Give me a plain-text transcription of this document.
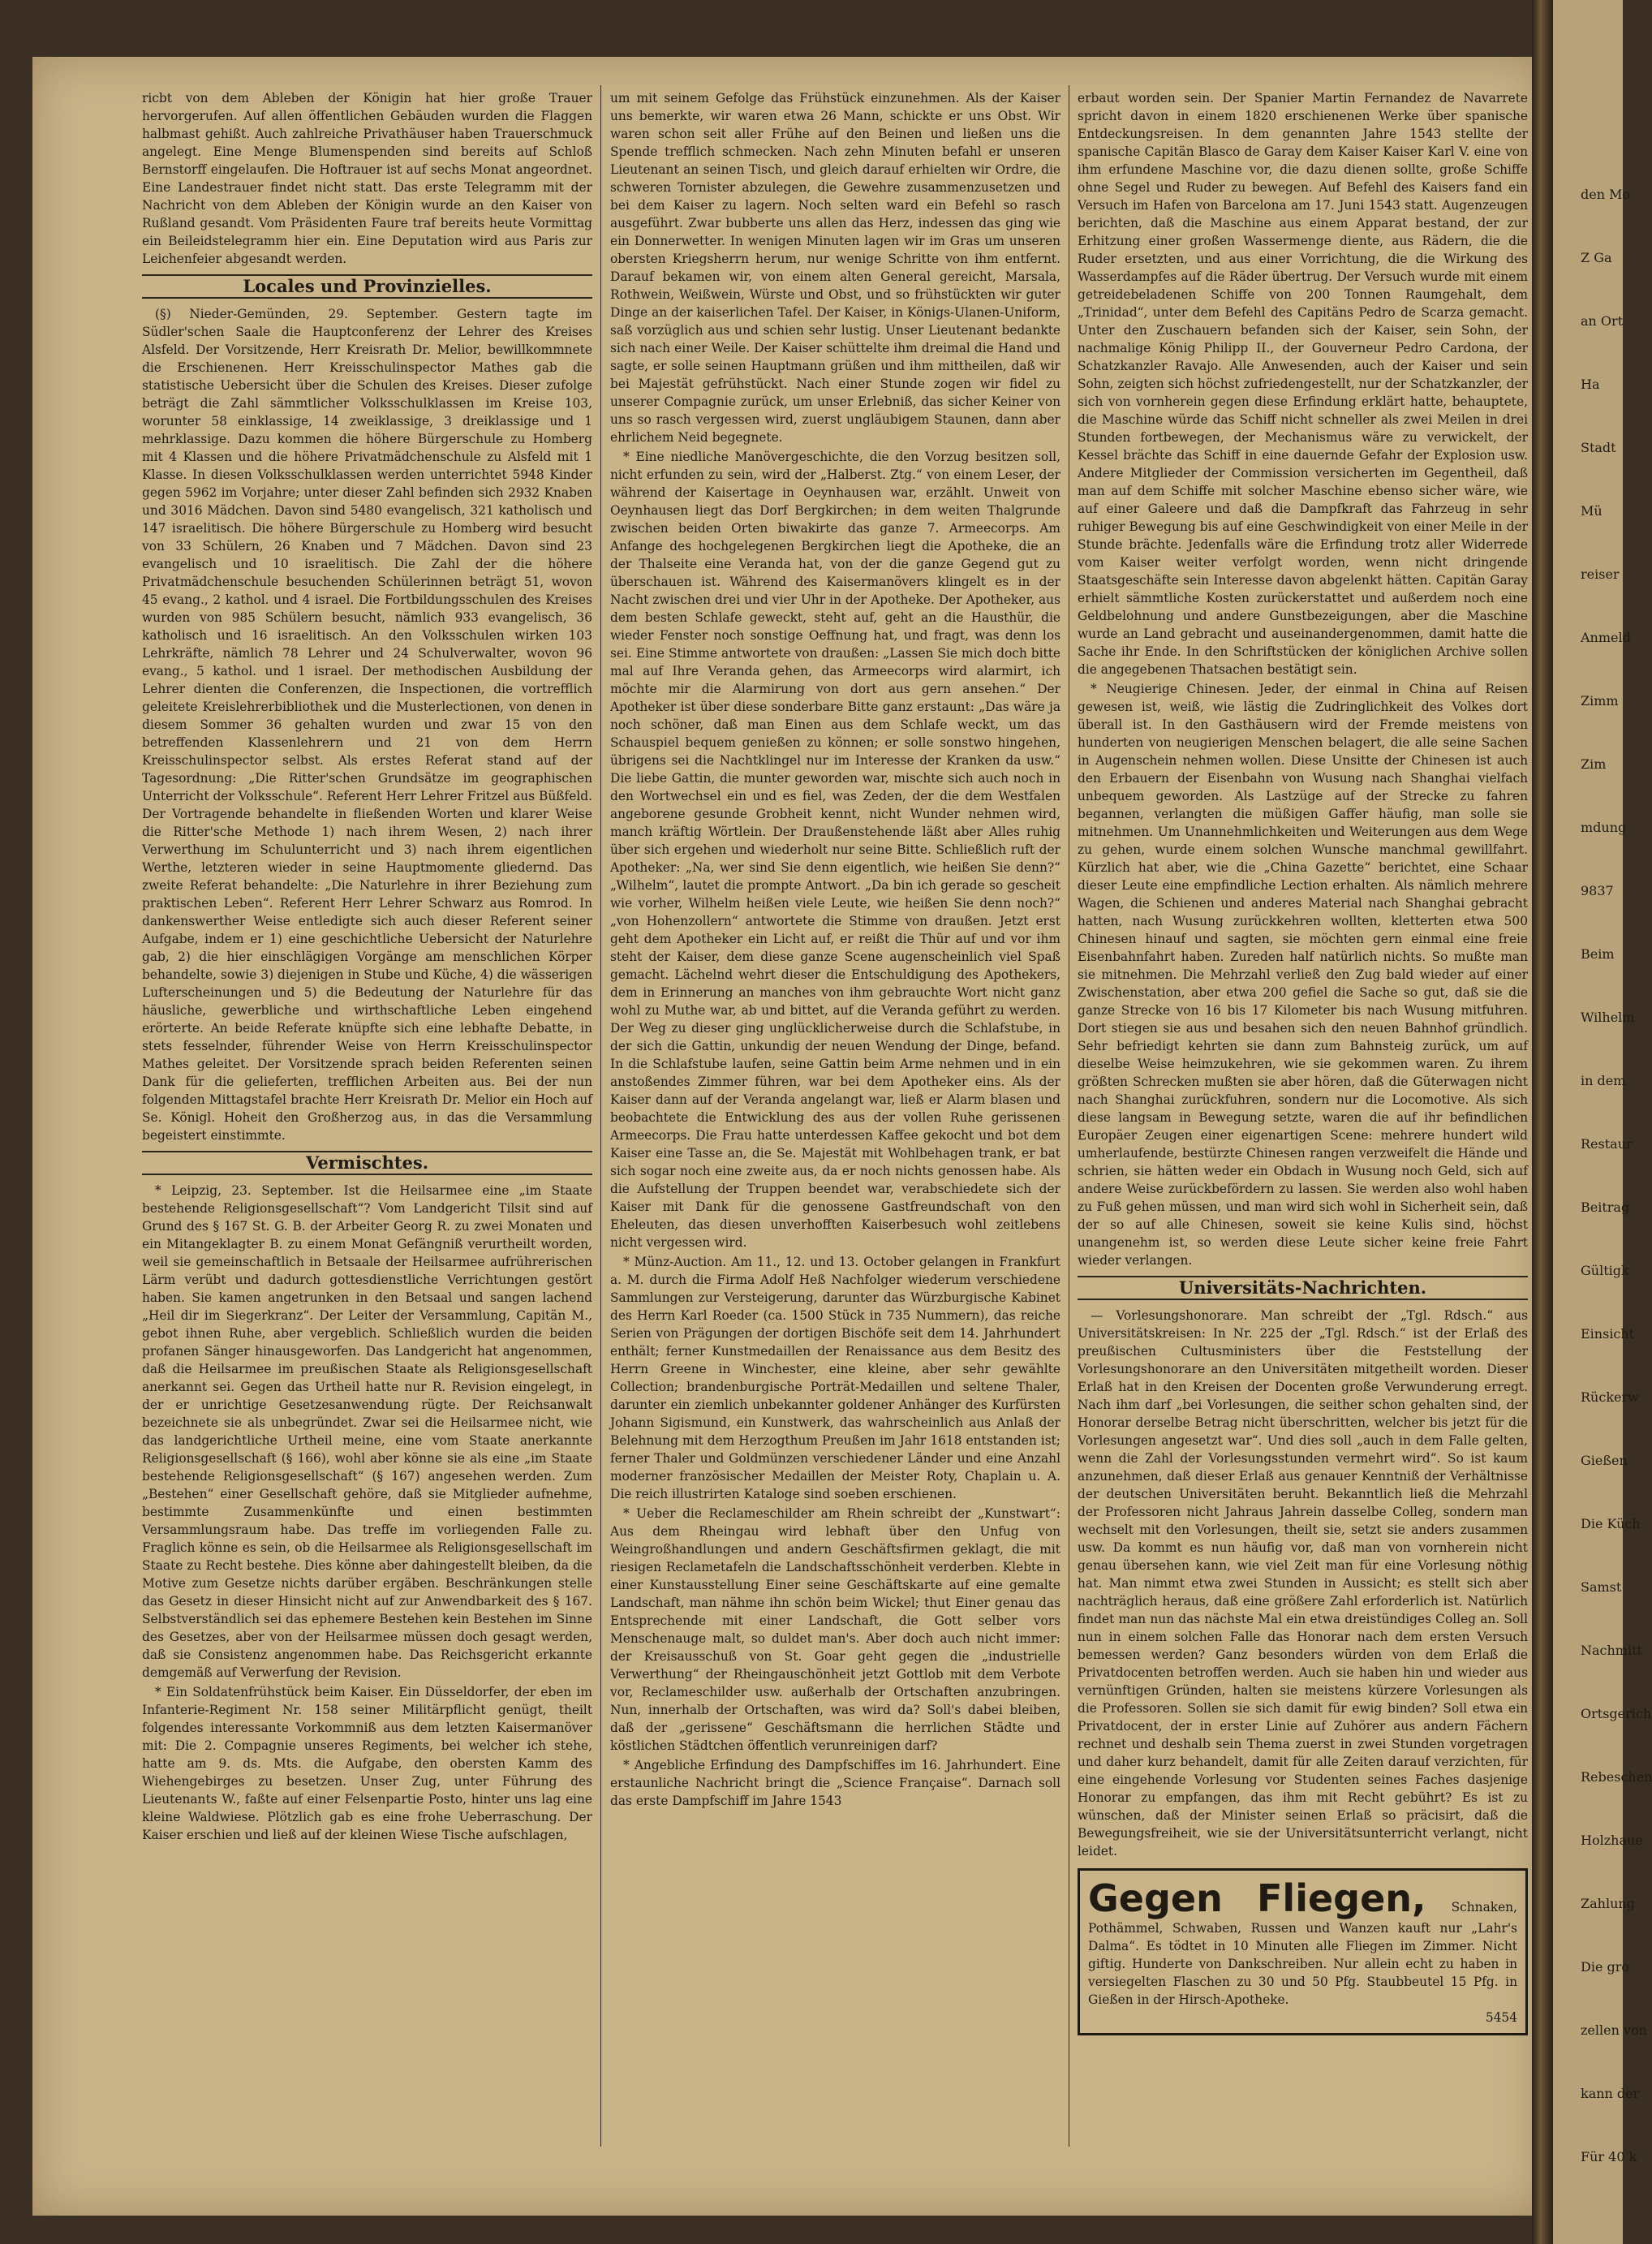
den Mo
Z Ga
an Ort
Ha
Stadt
Mü
reiser
Anmeld
Zimm
Zim
mdung
9837
Beim
Wilhelm
in dem
Restaur
Beitrag
Gültigk
Einsicht
Rückerw
Gießen
Die Küch
Samst
Nachmitt
Ortsgerich
Rebeschen
Holzhaue
Zahlung
Die gro
zellen von
kann der
Für 40 k

ricbt von dem Ableben der Königin hat hier große Trauer hervorgerufen. Auf allen öffentlichen Gebäuden wurden die Flaggen halbmast gehißt. Auch zahlreiche Privathäuser haben Trauerschmuck angelegt. Eine Menge Blumenspenden sind bereits auf Schloß Bernstorff eingelaufen. Die Hoftrauer ist auf sechs Monat angeordnet. Eine Landestrauer findet nicht statt. Das erste Telegramm mit der Nachricht von dem Ableben der Königin wurde an den Kaiser von Rußland gesandt. Vom Präsidenten Faure traf bereits heute Vormittag ein Beileidstelegramm hier ein. Eine Deputation wird aus Paris zur Leichenfeier abgesandt werden.

Locales und Provinzielles.

(§) Nieder-Gemünden, 29. September. Gestern tagte im Südler'schen Saale die Hauptconferenz der Lehrer des Kreises Alsfeld. Der Vorsitzende, Herr Kreisrath Dr. Melior, bewillkommnete die Erschienenen. Herr Kreisschulinspector Mathes gab die statistische Uebersicht über die Schulen des Kreises. Dieser zufolge beträgt die Zahl sämmtlicher Volksschulklassen im Kreise 103, worunter 58 einklassige, 14 zweiklassige, 3 dreiklassige und 1 mehrklassige. Dazu kommen die höhere Bürgerschule zu Homberg mit 4 Klassen und die höhere Privatmädchenschule zu Alsfeld mit 1 Klasse. In diesen Volksschulklassen werden unterrichtet 5948 Kinder gegen 5962 im Vorjahre; unter dieser Zahl befinden sich 2932 Knaben und 3016 Mädchen. Davon sind 5480 evangelisch, 321 katholisch und 147 israelitisch. Die höhere Bürgerschule zu Homberg wird besucht von 33 Schülern, 26 Knaben und 7 Mädchen. Davon sind 23 evangelisch und 10 israelitisch. Die Zahl der die höhere Privatmädchenschule besuchenden Schülerinnen beträgt 51, wovon 45 evang., 2 kathol. und 4 israel. Die Fortbildungsschulen des Kreises wurden von 985 Schülern besucht, nämlich 933 evangelisch, 36 katholisch und 16 israelitisch. An den Volksschulen wirken 103 Lehrkräfte, nämlich 78 Lehrer und 24 Schulverwalter, wovon 96 evang., 5 kathol. und 1 israel. Der methodischen Ausbildung der Lehrer dienten die Conferenzen, die Inspectionen, die vortrefflich geleitete Kreislehrerbibliothek und die Musterlectionen, von denen in diesem Sommer 36 gehalten wurden und zwar 15 von den betreffenden Klassenlehrern und 21 von dem Herrn Kreisschulinspector selbst. Als erstes Referat stand auf der Tagesordnung: „Die Ritter'schen Grundsätze im geographischen Unterricht der Volksschule“. Referent Herr Lehrer Fritzel aus Büßfeld. Der Vortragende behandelte in fließenden Worten und klarer Weise die Ritter'sche Methode 1) nach ihrem Wesen, 2) nach ihrer Verwerthung im Schulunterricht und 3) nach ihrem eigentlichen Werthe, letzteren wieder in seine Hauptmomente gliedernd. Das zweite Referat behandelte: „Die Naturlehre in ihrer Beziehung zum praktischen Leben“. Referent Herr Lehrer Schwarz aus Romrod. In dankenswerther Weise entledigte sich auch dieser Referent seiner Aufgabe, indem er 1) eine geschichtliche Uebersicht der Naturlehre gab, 2) die hier einschlägigen Vorgänge am menschlichen Körper behandelte, sowie 3) diejenigen in Stube und Küche, 4) die wässerigen Lufterscheinungen und 5) die Bedeutung der Naturlehre für das häusliche, gewerbliche und wirthschaftliche Leben eingehend erörterte. An beide Referate knüpfte sich eine lebhafte Debatte, in stets fesselnder, führender Weise von Herrn Kreisschulinspector Mathes geleitet. Der Vorsitzende sprach beiden Referenten seinen Dank für die gelieferten, trefflichen Arbeiten aus. Bei der nun folgenden Mittagstafel brachte Herr Kreisrath Dr. Melior ein Hoch auf Se. Königl. Hoheit den Großherzog aus, in das die Versammlung begeistert einstimmte.

Vermischtes.

* Leipzig, 23. September. Ist die Heilsarmee eine „im Staate bestehende Religionsgesellschaft“? Vom Landgericht Tilsit sind auf Grund des § 167 St. G. B. der Arbeiter Georg R. zu zwei Monaten und ein Mitangeklagter B. zu einem Monat Gefängniß verurtheilt worden, weil sie gemeinschaftlich in Betsaale der Heilsarmee aufrührerischen Lärm verübt und dadurch gottesdienstliche Verrichtungen gestört haben. Sie kamen angetrunken in den Betsaal und sangen lachend „Heil dir im Siegerkranz“. Der Leiter der Versammlung, Capitän M., gebot ihnen Ruhe, aber vergeblich. Schließlich wurden die beiden profanen Sänger hinausgeworfen. Das Landgericht hat angenommen, daß die Heilsarmee im preußischen Staate als Religionsgesellschaft anerkannt sei. Gegen das Urtheil hatte nur R. Revision eingelegt, in der er unrichtige Gesetzesanwendung rügte. Der Reichsanwalt bezeichnete sie als unbegründet. Zwar sei die Heilsarmee nicht, wie das landgerichtliche Urtheil meine, eine vom Staate anerkannte Religionsgesellschaft (§ 166), wohl aber könne sie als eine „im Staate bestehende Religionsgesellschaft“ (§ 167) angesehen werden. Zum „Bestehen“ einer Gesellschaft gehöre, daß sie Mitglieder aufnehme, bestimmte Zusammenkünfte und einen bestimmten Versammlungsraum habe. Das treffe im vorliegenden Falle zu. Fraglich könne es sein, ob die Heilsarmee als Religionsgesellschaft im Staate zu Recht bestehe. Dies könne aber dahingestellt bleiben, da die Motive zum Gesetze nichts darüber ergäben. Beschränkungen stelle das Gesetz in dieser Hinsicht nicht auf zur Anwendbarkeit des § 167. Selbstverständlich sei das ephemere Bestehen kein Bestehen im Sinne des Gesetzes, aber von der Heilsarmee müssen doch gesagt werden, daß sie Consistenz angenommen habe. Das Reichsgericht erkannte demgemäß auf Verwerfung der Revision.

* Ein Soldatenfrühstück beim Kaiser. Ein Düsseldorfer, der eben im Infanterie-Regiment Nr. 158 seiner Militärpflicht genügt, theilt folgendes interessante Vorkommniß aus dem letzten Kaisermanöver mit: Die 2. Compagnie unseres Regiments, bei welcher ich stehe, hatte am 9. ds. Mts. die Aufgabe, den obersten Kamm des Wiehengebirges zu besetzen. Unser Zug, unter Führung des Lieutenants W., faßte auf einer Felsenpartie Posto, hinter uns lag eine kleine Waldwiese. Plötzlich gab es eine frohe Ueberraschung. Der Kaiser erschien und ließ auf der kleinen Wiese Tische aufschlagen,

um mit seinem Gefolge das Frühstück einzunehmen. Als der Kaiser uns bemerkte, wir waren etwa 26 Mann, schickte er uns Obst. Wir waren schon seit aller Frühe auf den Beinen und ließen uns die Spende trefflich schmecken. Nach zehn Minuten befahl er unseren Lieutenant an seinen Tisch, und gleich darauf erhielten wir Ordre, die schweren Tornister abzulegen, die Gewehre zusammenzusetzen und bei dem Kaiser zu lagern. Noch selten ward ein Befehl so rasch ausgeführt. Zwar bubberte uns allen das Herz, indessen das ging wie ein Donnerwetter. In wenigen Minuten lagen wir im Gras um unseren obersten Kriegsherrn herum, nur wenige Schritte von ihm entfernt. Darauf bekamen wir, von einem alten General gereicht, Marsala, Rothwein, Weißwein, Würste und Obst, und so frühstückten wir guter Dinge an der kaiserlichen Tafel. Der Kaiser, in Königs-Ulanen-Uniform, saß vorzüglich aus und schien sehr lustig. Unser Lieutenant bedankte sich nach einer Weile. Der Kaiser schüttelte ihm dreimal die Hand und sagte, er solle seinen Hauptmann grüßen und ihm mittheilen, daß wir bei Majestät gefrühstückt. Nach einer Stunde zogen wir fidel zu unserer Compagnie zurück, um unser Erlebniß, das sicher Keiner von uns so rasch vergessen wird, zuerst ungläubigem Staunen, dann aber ehrlichem Neid begegnete.

* Eine niedliche Manövergeschichte, die den Vorzug besitzen soll, nicht erfunden zu sein, wird der „Halberst. Ztg.“ von einem Leser, der während der Kaisertage in Oeynhausen war, erzählt. Unweit von Oeynhausen liegt das Dorf Bergkirchen; in dem weiten Thalgrunde zwischen beiden Orten biwakirte das ganze 7. Armeecorps. Am Anfange des hochgelegenen Bergkirchen liegt die Apotheke, die an der Thalseite eine Veranda hat, von der die ganze Gegend gut zu überschauen ist. Während des Kaisermanövers klingelt es in der Nacht zwischen drei und vier Uhr in der Apotheke. Der Apotheker, aus dem besten Schlafe geweckt, steht auf, geht an die Hausthür, die wieder Fenster noch sonstige Oeffnung hat, und fragt, was denn los sei. Eine Stimme antwortete von draußen: „Lassen Sie mich doch bitte mal auf Ihre Veranda gehen, das Armeecorps wird alarmirt, ich möchte mir die Alarmirung von dort aus gern ansehen.“ Der Apotheker ist über diese sonderbare Bitte ganz erstaunt: „Das wäre ja noch schöner, daß man Einen aus dem Schlafe weckt, um das Schauspiel bequem genießen zu können; er solle sonstwo hingehen, übrigens sei die Nachtklingel nur im Interesse der Kranken da usw.“ Die liebe Gattin, die munter geworden war, mischte sich auch noch in den Wortwechsel ein und es fiel, was Zeden, der die dem Westfalen angeborene gesunde Grobheit kennt, nicht Wunder nehmen wird, manch kräftig Wörtlein. Der Draußenstehende läßt aber Alles ruhig über sich ergehen und wiederholt nur seine Bitte. Schließlich ruft der Apotheker: „Na, wer sind Sie denn eigentlich, wie heißen Sie denn?“ „Wilhelm“, lautet die prompte Antwort. „Da bin ich gerade so gescheit wie vorher, Wilhelm heißen viele Leute, wie heißen Sie denn noch?“ „von Hohenzollern“ antwortete die Stimme von draußen. Jetzt erst geht dem Apotheker ein Licht auf, er reißt die Thür auf und vor ihm steht der Kaiser, dem diese ganze Scene augenscheinlich viel Spaß gemacht. Lächelnd wehrt dieser die Entschuldigung des Apothekers, dem in Erinnerung an manches von ihm gebrauchte Wort nicht ganz wohl zu Muthe war, ab und bittet, auf die Veranda geführt zu werden. Der Weg zu dieser ging unglücklicherweise durch die Schlafstube, in der sich die Gattin, unkundig der neuen Wendung der Dinge, befand. In die Schlafstube laufen, seine Gattin beim Arme nehmen und in ein anstoßendes Zimmer führen, war bei dem Apotheker eins. Als der Kaiser dann auf der Veranda angelangt war, ließ er Alarm blasen und beobachtete die Entwicklung des aus der vollen Ruhe gerissenen Armeecorps. Die Frau hatte unterdessen Kaffee gekocht und bot dem Kaiser eine Tasse an, die Se. Majestät mit Wohlbehagen trank, er bat sich sogar noch eine zweite aus, da er noch nichts genossen habe. Als die Aufstellung der Truppen beendet war, verabschiedete sich der Kaiser mit Dank für die genossene Gastfreundschaft von den Eheleuten, das diesen unverhofften Kaiserbesuch wohl zeitlebens nicht vergessen wird.

* Münz-Auction. Am 11., 12. und 13. October gelangen in Frankfurt a. M. durch die Firma Adolf Heß Nachfolger wiederum verschiedene Sammlungen zur Versteigerung, darunter das Würzburgische Kabinet des Herrn Karl Roeder (ca. 1500 Stück in 735 Nummern), das reiche Serien von Prägungen der dortigen Bischöfe seit dem 14. Jahrhundert enthält; ferner Kunstmedaillen der Renaissance aus dem Besitz des Herrn Greene in Winchester, eine kleine, aber sehr gewählte Collection; brandenburgische Porträt-Medaillen und seltene Thaler, darunter ein ziemlich unbekannter goldener Anhänger des Kurfürsten Johann Sigismund, ein Kunstwerk, das wahrscheinlich aus Anlaß der Belehnung mit dem Herzogthum Preußen im Jahr 1618 entstanden ist; ferner Thaler und Goldmünzen verschiedener Länder und eine Anzahl moderner französischer Medaillen der Meister Roty, Chaplain u. A. Die reich illustrirten Kataloge sind soeben erschienen.

* Ueber die Reclameschilder am Rhein schreibt der „Kunstwart“: Aus dem Rheingau wird lebhaft über den Unfug von Weingroßhandlungen und andern Geschäftsfirmen geklagt, die mit riesigen Reclametafeln die Landschaftsschönheit verderben. Klebte in einer Kunstausstellung Einer seine Geschäftskarte auf eine gemalte Landschaft, man nähme ihn schön beim Wickel; thut Einer genau das Entsprechende mit einer Landschaft, die Gott selber vors Menschenauge malt, so duldet man's. Aber doch auch nicht immer: der Kreisausschuß von St. Goar geht gegen die „industrielle Verwerthung“ der Rheingauschönheit jetzt Gottlob mit dem Verbote vor, Reclameschilder usw. außerhalb der Ortschaften anzubringen. Nun, innerhalb der Ortschaften, was wird da? Soll's dabei bleiben, daß der „gerissene“ Geschäftsmann die herrlichen Städte und köstlichen Städtchen öffentlich verunreinigen darf?

* Angebliche Erfindung des Dampfschiffes im 16. Jahrhundert. Eine erstaunliche Nachricht bringt die „Science Française“. Darnach soll das erste Dampfschiff im Jahre 1543

erbaut worden sein. Der Spanier Martin Fernandez de Navarrete spricht davon in einem 1820 erschienenen Werke über spanische Entdeckungsreisen. In dem genannten Jahre 1543 stellte der spanische Capitän Blasco de Garay dem Kaiser Kaiser Karl V. eine von ihm erfundene Maschine vor, die dazu dienen sollte, große Schiffe ohne Segel und Ruder zu bewegen. Auf Befehl des Kaisers fand ein Versuch im Hafen von Barcelona am 17. Juni 1543 statt. Augenzeugen berichten, daß die Maschine aus einem Apparat bestand, der zur Erhitzung einer großen Wassermenge diente, aus Rädern, die die Ruder ersetzten, und aus einer Vorrichtung, die die Wirkung des Wasserdampfes auf die Räder übertrug. Der Versuch wurde mit einem getreidebeladenen Schiffe von 200 Tonnen Raumgehalt, dem „Trinidad“, unter dem Befehl des Capitäns Pedro de Scarza gemacht. Unter den Zuschauern befanden sich der Kaiser, sein Sohn, der nachmalige König Philipp II., der Gouverneur Pedro Cardona, der Schatzkanzler Ravajo. Alle Anwesenden, auch der Kaiser und sein Sohn, zeigten sich höchst zufriedengestellt, nur der Schatzkanzler, der sich von vornherein gegen diese Erfindung erklärt hatte, behauptete, die Maschine würde das Schiff nicht schneller als zwei Meilen in drei Stunden fortbewegen, der Mechanismus wäre zu verwickelt, der Kessel brächte das Schiff in eine dauernde Gefahr der Explosion usw. Andere Mitglieder der Commission versicherten im Gegentheil, daß man auf dem Schiffe mit solcher Maschine ebenso sicher wäre, wie auf einer Galeere und daß die Dampfkraft das Fahrzeug in sehr ruhiger Bewegung bis auf eine Geschwindigkeit von einer Meile in der Stunde brächte. Jedenfalls wäre die Erfindung trotz aller Widerrede vom Kaiser weiter verfolgt worden, wenn nicht dringende Staatsgeschäfte sein Interesse davon abgelenkt hätten. Capitän Garay erhielt sämmtliche Kosten zurückerstattet und außerdem noch eine Geldbelohnung und andere Gunstbezeigungen, aber die Maschine wurde an Land gebracht und auseinandergenommen, damit hatte die Sache ihr Ende. In den Schriftstücken der königlichen Archive sollen die angegebenen Thatsachen bestätigt sein.

* Neugierige Chinesen. Jeder, der einmal in China auf Reisen gewesen ist, weiß, wie lästig die Zudringlichkeit des Volkes dort überall ist. In den Gasthäusern wird der Fremde meistens von hunderten von neugierigen Menschen belagert, die alle seine Sachen in Augenschein nehmen wollen. Diese Unsitte der Chinesen ist auch den Erbauern der Eisenbahn von Wusung nach Shanghai vielfach unbequem geworden. Als Lastzüge auf der Strecke zu fahren begannen, verlangten die müßigen Gaffer häufig, man solle sie mitnehmen. Um Unannehmlichkeiten und Weiterungen aus dem Wege zu gehen, wurde einem solchen Wunsche manchmal gewillfahrt. Kürzlich hat aber, wie die „China Gazette“ berichtet, eine Schaar dieser Leute eine empfindliche Lection erhalten. Als nämlich mehrere Wagen, die Schienen und anderes Material nach Shanghai gebracht hatten, nach Wusung zurückkehren wollten, kletterten etwa 500 Chinesen hinauf und sagten, sie möchten gern einmal eine freie Eisenbahnfahrt haben. Zureden half natürlich nichts. So mußte man sie mitnehmen. Die Mehrzahl verließ den Zug bald wieder auf einer Zwischenstation, aber etwa 200 gefiel die Sache so gut, daß sie die ganze Strecke von 16 bis 17 Kilometer bis nach Wusung mitfuhren. Dort stiegen sie aus und besahen sich den neuen Bahnhof gründlich. Sehr befriedigt kehrten sie dann zum Bahnsteig zurück, um auf dieselbe Weise heimzukehren, wie sie gekommen waren. Zu ihrem größten Schrecken mußten sie aber hören, daß die Güterwagen nicht nach Shanghai zurückfuhren, sondern nur die Locomotive. Als sich diese langsam in Bewegung setzte, waren die auf ihr befindlichen Europäer Zeugen einer eigenartigen Scene: mehrere hundert wild umherlaufende, bestürzte Chinesen rangen verzweifelt die Hände und schrien, sie hätten weder ein Obdach in Wusung noch Geld, sich auf andere Weise zurückbefördern zu lassen. Sie werden also wohl haben zu Fuß gehen müssen, und man wird sich wohl in Sicherheit sein, daß der so auf alle Chinesen, soweit sie keine Kulis sind, höchst unangenehm ist, so werden diese Leute sicher keine freie Fahrt wieder verlangen.

Universitäts-Nachrichten.

— Vorlesungshonorare. Man schreibt der „Tgl. Rdsch.“ aus Universitätskreisen: In Nr. 225 der „Tgl. Rdsch.“ ist der Erlaß des preußischen Cultusministers über die Feststellung der Vorlesungshonorare an den Universitäten mitgetheilt worden. Dieser Erlaß hat in den Kreisen der Docenten große Verwunderung erregt. Nach ihm darf „bei Vorlesungen, die seither schon gehalten sind, der Honorar derselbe Betrag nicht überschritten, welcher bis jetzt für die Vorlesungen angesetzt war“. Und dies soll „auch in dem Falle gelten, wenn die Zahl der Vorlesungsstunden vermehrt wird“. So ist kaum anzunehmen, daß dieser Erlaß aus genauer Kenntniß der Verhältnisse der deutschen Universitäten beruht. Bekanntlich ließ die Mehrzahl der Professoren nicht Jahraus Jahrein dasselbe Colleg, sondern man wechselt mit den Vorlesungen, theilt sie, setzt sie anders zusammen usw. Da kommt es nun häufig vor, daß man von vornherein nicht genau übersehen kann, wie viel Zeit man für eine Vorlesung nöthig hat. Man nimmt etwa zwei Stunden in Aussicht; es stellt sich aber nachträglich heraus, daß eine größere Zahl erforderlich ist. Natürlich findet man nun das nächste Mal ein etwa dreistündiges Colleg an. Soll nun in einem solchen Falle das Honorar nach dem ersten Versuch bemessen werden? Ganz besonders würden von dem Erlaß die Privatdocenten betroffen werden. Auch sie haben hin und wieder aus vernünftigen Gründen, halten sie meistens kürzere Vorlesungen als die Professoren. Sollen sie sich damit für ewig binden? Soll etwa ein Privatdocent, der in erster Linie auf Zuhörer aus andern Fächern rechnet und deshalb sein Thema zuerst in zwei Stunden vorgetragen und daher kurz behandelt, damit für alle Zeiten darauf verzichten, für eine eingehende Vorlesung vor Studenten seines Faches dasjenige Honorar zu empfangen, das ihm mit Recht gebührt? Es ist zu wünschen, daß der Minister seinen Erlaß so präcisirt, daß die Bewegungsfreiheit, wie sie der Universitätsunterricht verlangt, nicht leidet.

Gegen Fliegen, Schnaken, Pothämmel, Schwaben, Russen und Wanzen kauft nur „Lahr's Dalma“. Es tödtet in 10 Minuten alle Fliegen im Zimmer. Nicht giftig. Hunderte von Dankschreiben. Nur allein echt zu haben in versiegelten Flaschen zu 30 und 50 Pfg. Staubbeutel 15 Pfg. in Gießen in der Hirsch-Apotheke.
5454
